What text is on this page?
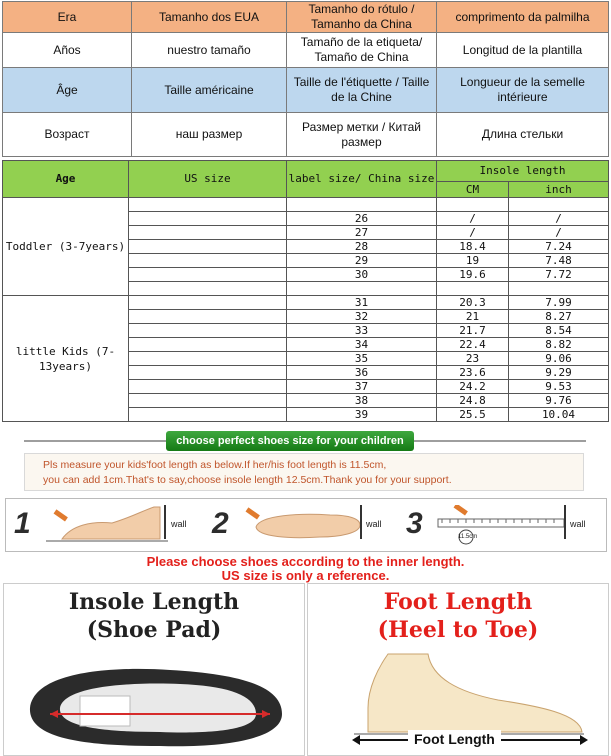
Era	Tamanho dos EUA	Tamanho do rótulo / Tamanho da China	comprimento da palmilha
Años	nuestro tamaño	Tamaño de la etiqueta/ Tamaño de China	Longitud de la plantilla
Âge	Taille américaine	Taille de l'étiquette / Taille de la Chine	Longueur de la semelle intérieure
Возраст	наш размер	Размер метки / Китай размер	Длина стельки
Age	US size	label size/ China size	Insole length	
			CM	inch
Toddler (3-7years)				
		26	/	/
		27	/	/
		28	18.4	7.24
		29	19	7.48
		30	19.6	7.72

little Kids (7-13years)		31	20.3	7.99
		32	21	8.27
		33	21.7	8.54
		34	22.4	8.82
		35	23	9.06
		36	23.6	9.29
		37	24.2	9.53
		38	24.8	9.76
		39	25.5	10.04
choose perfect shoes size for your children
Pls measure your kids'foot length as below.If her/his foot length is 11.5cm,
you can add 1cm.That's to say,choose insole length 12.5cm.Thank you for your support.
1	wall 2	wall 3	11.5cm
wall
Please choose shoes according to the inner length.
US size is only a reference.
Insole Length
(Shoe Pad)
Foot Length
(Heel to Toe)
Foot Length
